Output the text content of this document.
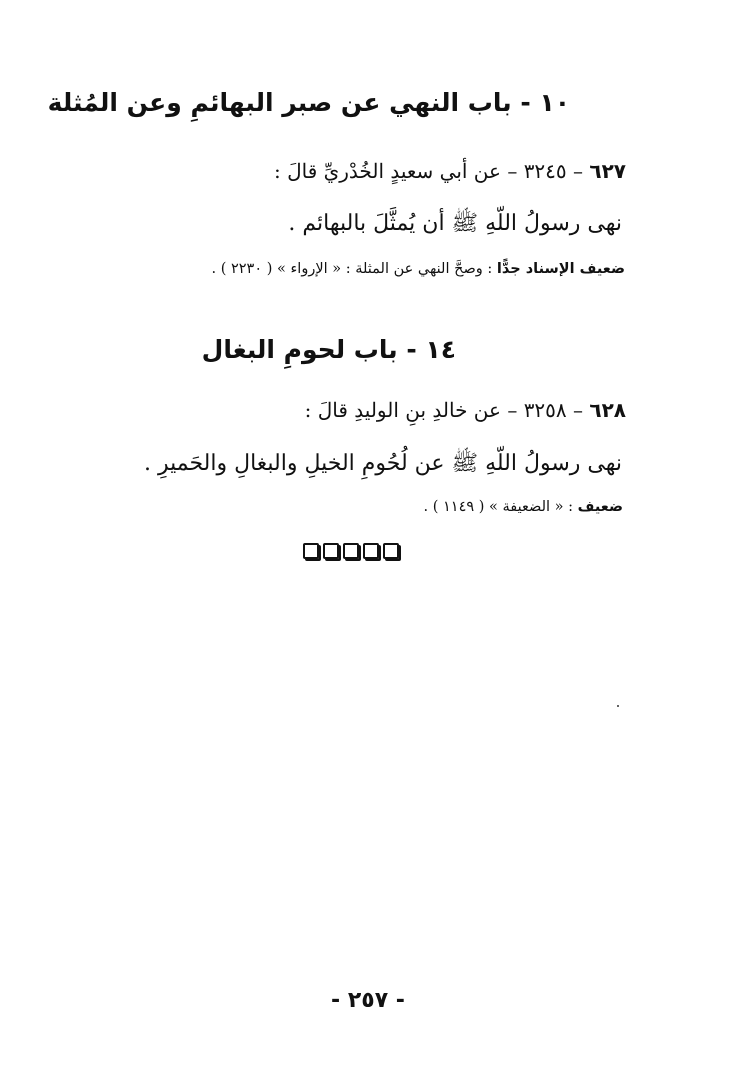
١٠ - باب النهي عن صبر البهائمِ وعن المُثلة
٦٢٧ – ٣٢٤٥ – عن أبي سعيدٍ الخُدْريِّ قالَ :
نهى رسولُ اللّهِ ﷺ أن يُمثَّلَ بالبهائم .
ضعيف الإسناد جدًّا : وصحَّ النهي عن المثلة : « الإرواء » ( ٢٢٣٠ ) .
١٤ - باب لحومِ البغال
٦٢٨ – ٣٢٥٨ – عن خالدِ بنِ الوليدِ قالَ :
نهى رسولُ اللّهِ ﷺ عن لُحُومِ الخيلِ والبغالِ والحَميرِ .
ضعيف : « الضعيفة » ( ١١٤٩ ) .
- ٢٥٧ -
